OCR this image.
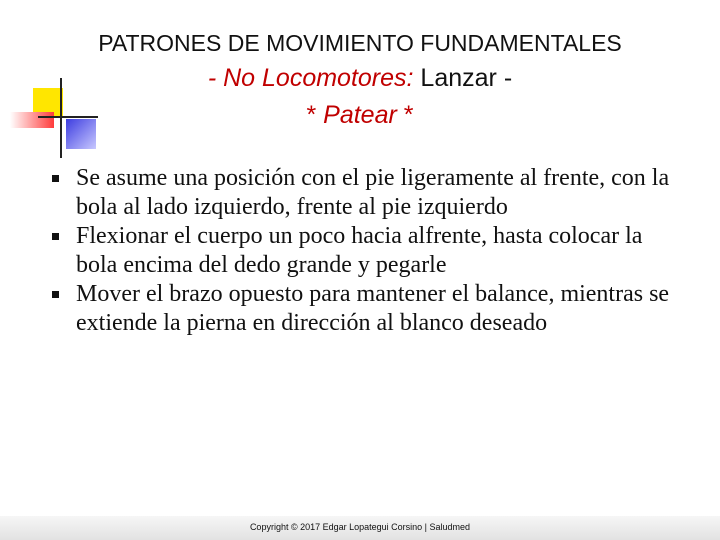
PATRONES DE MOVIMIENTO FUNDAMENTALES
- No Locomotores: Lanzar -
* Patear *
Se asume una posición con el pie ligeramente al frente, con la bola al lado izquierdo, frente al pie izquierdo
Flexionar el cuerpo un poco hacia alfrente, hasta colocar la bola encima del dedo grande y pegarle
Mover el brazo opuesto para mantener el balance, mientras se extiende la pierna en dirección al blanco deseado
Copyright © 2017 Edgar Lopategui Corsino | Saludmed
